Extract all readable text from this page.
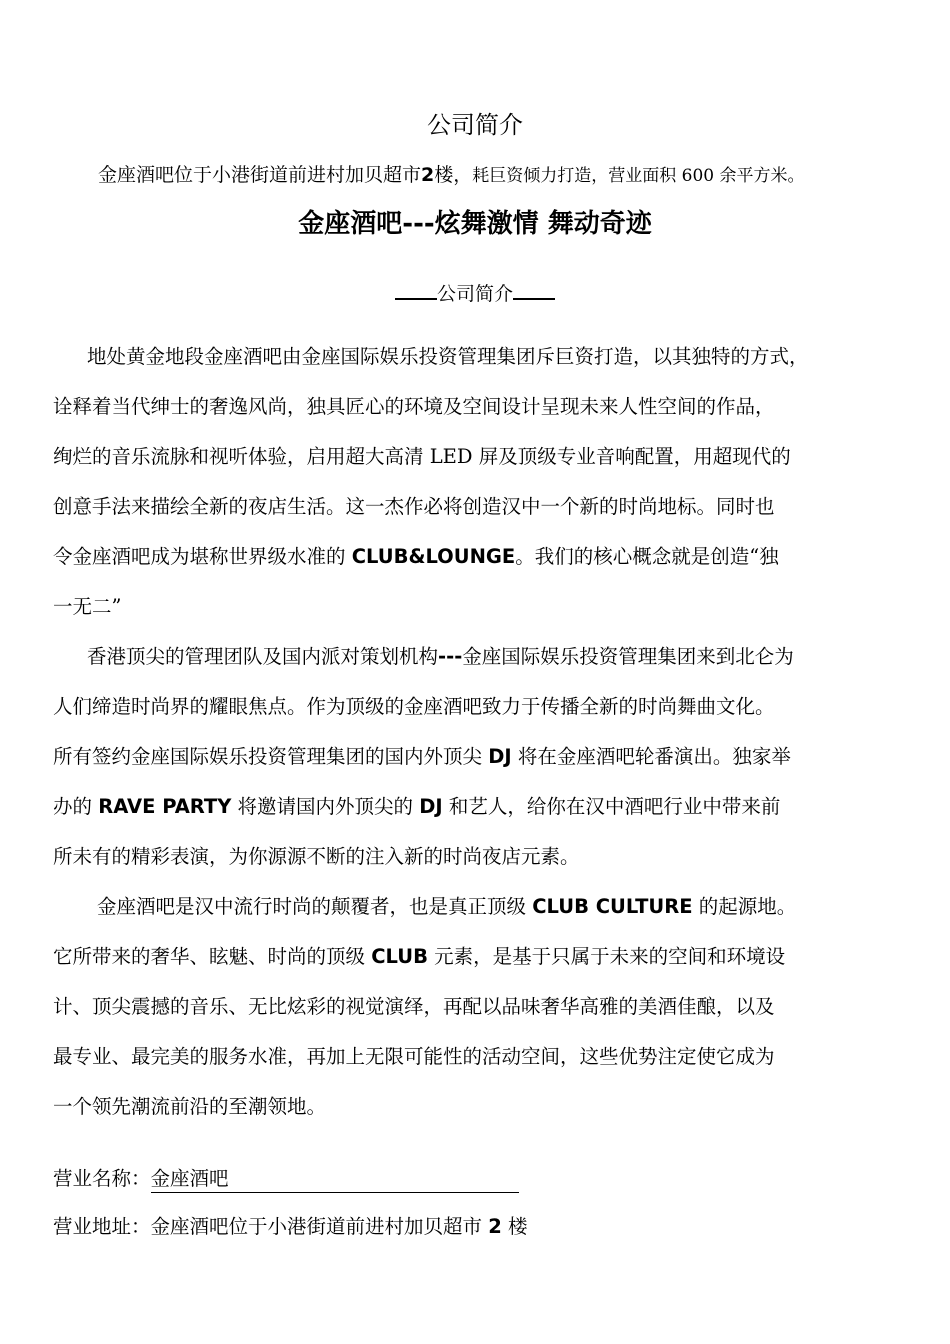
公司简介
金座酒吧位于小港街道前进村加贝超市2楼，耗巨资倾力打造，营业面积 600 余平方米。
金座酒吧---炫舞激情 舞动奇迹
公司简介
地处黄金地段金座酒吧由金座国际娱乐投资管理集团斥巨资打造，以其独特的方式，
诠释着当代绅士的奢逸风尚，独具匠心的环境及空间设计呈现未来人性空间的作品，
绚烂的音乐流脉和视听体验，启用超大高清 LED 屏及顶级专业音响配置，用超现代的
创意手法来描绘全新的夜店生活。这一杰作必将创造汉中一个新的时尚地标。同时也
令金座酒吧成为堪称世界级水准的 CLUB&LOUNGE。我们的核心概念就是创造“独
一无二”
香港顶尖的管理团队及国内派对策划机构---金座国际娱乐投资管理集团来到北仑为
人们缔造时尚界的耀眼焦点。作为顶级的金座酒吧致力于传播全新的时尚舞曲文化。
所有签约金座国际娱乐投资管理集团的国内外顶尖 DJ 将在金座酒吧轮番演出。独家举
办的 RAVE PARTY 将邀请国内外顶尖的 DJ 和艺人，给你在汉中酒吧行业中带来前
所未有的精彩表演，为你源源不断的注入新的时尚夜店元素。
金座酒吧是汉中流行时尚的颠覆者，也是真正顶级 CLUB CULTURE 的起源地。
它所带来的奢华、眩魅、时尚的顶级 CLUB 元素，是基于只属于未来的空间和环境设
计、顶尖震撼的音乐、无比炫彩的视觉演绎，再配以品味奢华高雅的美酒佳酿，以及
最专业、最完美的服务水准，再加上无限可能性的活动空间，这些优势注定使它成为
一个领先潮流前沿的至潮领地。
营业名称：金座酒吧
营业地址：金座酒吧位于小港街道前进村加贝超市 2 楼
